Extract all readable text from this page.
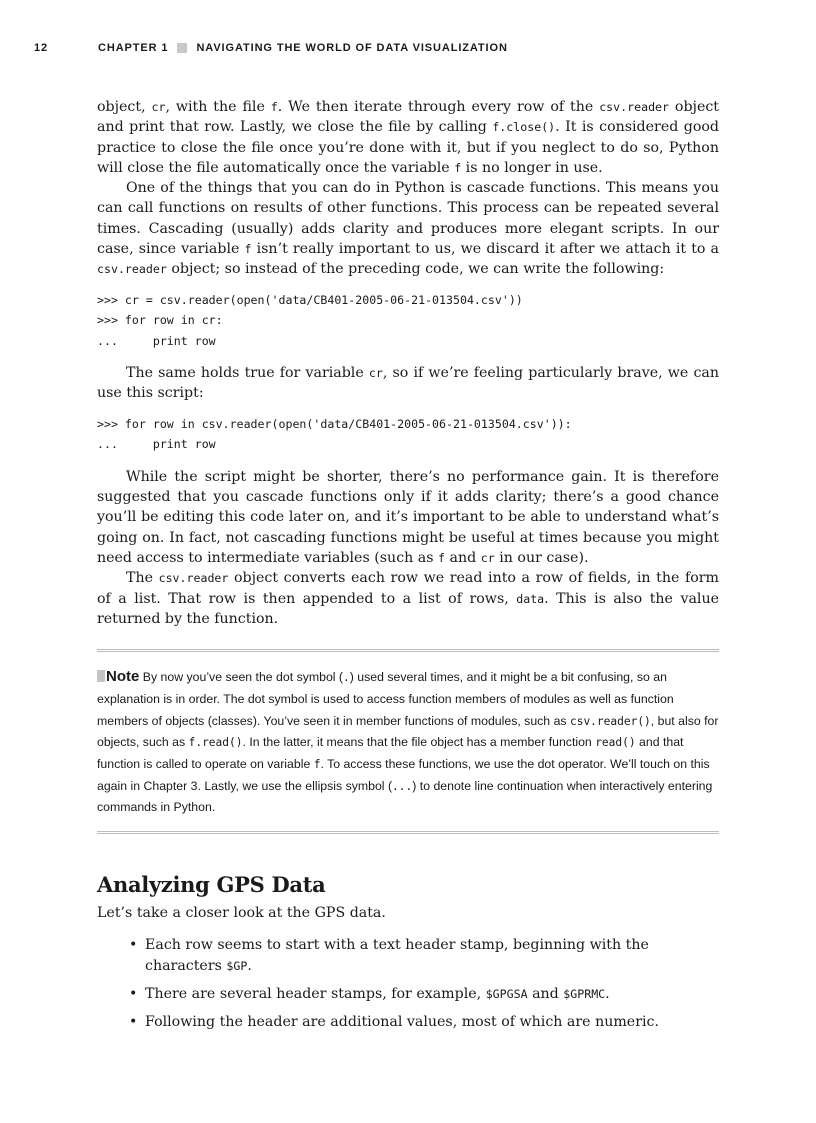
12	CHAPTER 1	NAVIGATING THE WORLD OF DATA VISUALIZATION

object, cr, with the file f. We then iterate through every row of the csv.reader object and print that row. Lastly, we close the file by calling f.close(). It is considered good practice to close the file once you’re done with it, but if you neglect to do so, Python will close the file automatically once the variable f is no longer in use.

One of the things that you can do in Python is cascade functions. This means you can call functions on results of other functions. This process can be repeated several times. Cascading (usually) adds clarity and produces more elegant scripts. In our case, since variable f isn’t really important to us, we discard it after we attach it to a csv.reader object; so instead of the preceding code, we can write the following:

>>> cr = csv.reader(open('data/CB401-2005-06-21-013504.csv'))
>>> for row in cr:
...     print row

The same holds true for variable cr, so if we’re feeling particularly brave, we can use this script:

>>> for row in csv.reader(open('data/CB401-2005-06-21-013504.csv')):
...     print row

While the script might be shorter, there’s no performance gain. It is therefore suggested that you cascade functions only if it adds clarity; there’s a good chance you’ll be editing this code later on, and it’s important to be able to understand what’s going on. In fact, not cascading functions might be useful at times because you might need access to intermediate variables (such as f and cr in our case).

The csv.reader object converts each row we read into a row of fields, in the form of a list. That row is then appended to a list of rows, data. This is also the value returned by the function.

Note By now you’ve seen the dot symbol (.) used several times, and it might be a bit confusing, so an explanation is in order. The dot symbol is used to access function members of modules as well as function members of objects (classes). You’ve seen it in member functions of modules, such as csv.reader(), but also for objects, such as f.read(). In the latter, it means that the file object has a member function read() and that function is called to operate on variable f. To access these functions, we use the dot operator. We’ll touch on this again in Chapter 3. Lastly, we use the ellipsis symbol (...) to denote line continuation when interactively entering commands in Python.

Analyzing GPS Data

Let’s take a closer look at the GPS data.

• Each row seems to start with a text header stamp, beginning with the characters $GP.
• There are several header stamps, for example, $GPGSA and $GPRMC.
• Following the header are additional values, most of which are numeric.
